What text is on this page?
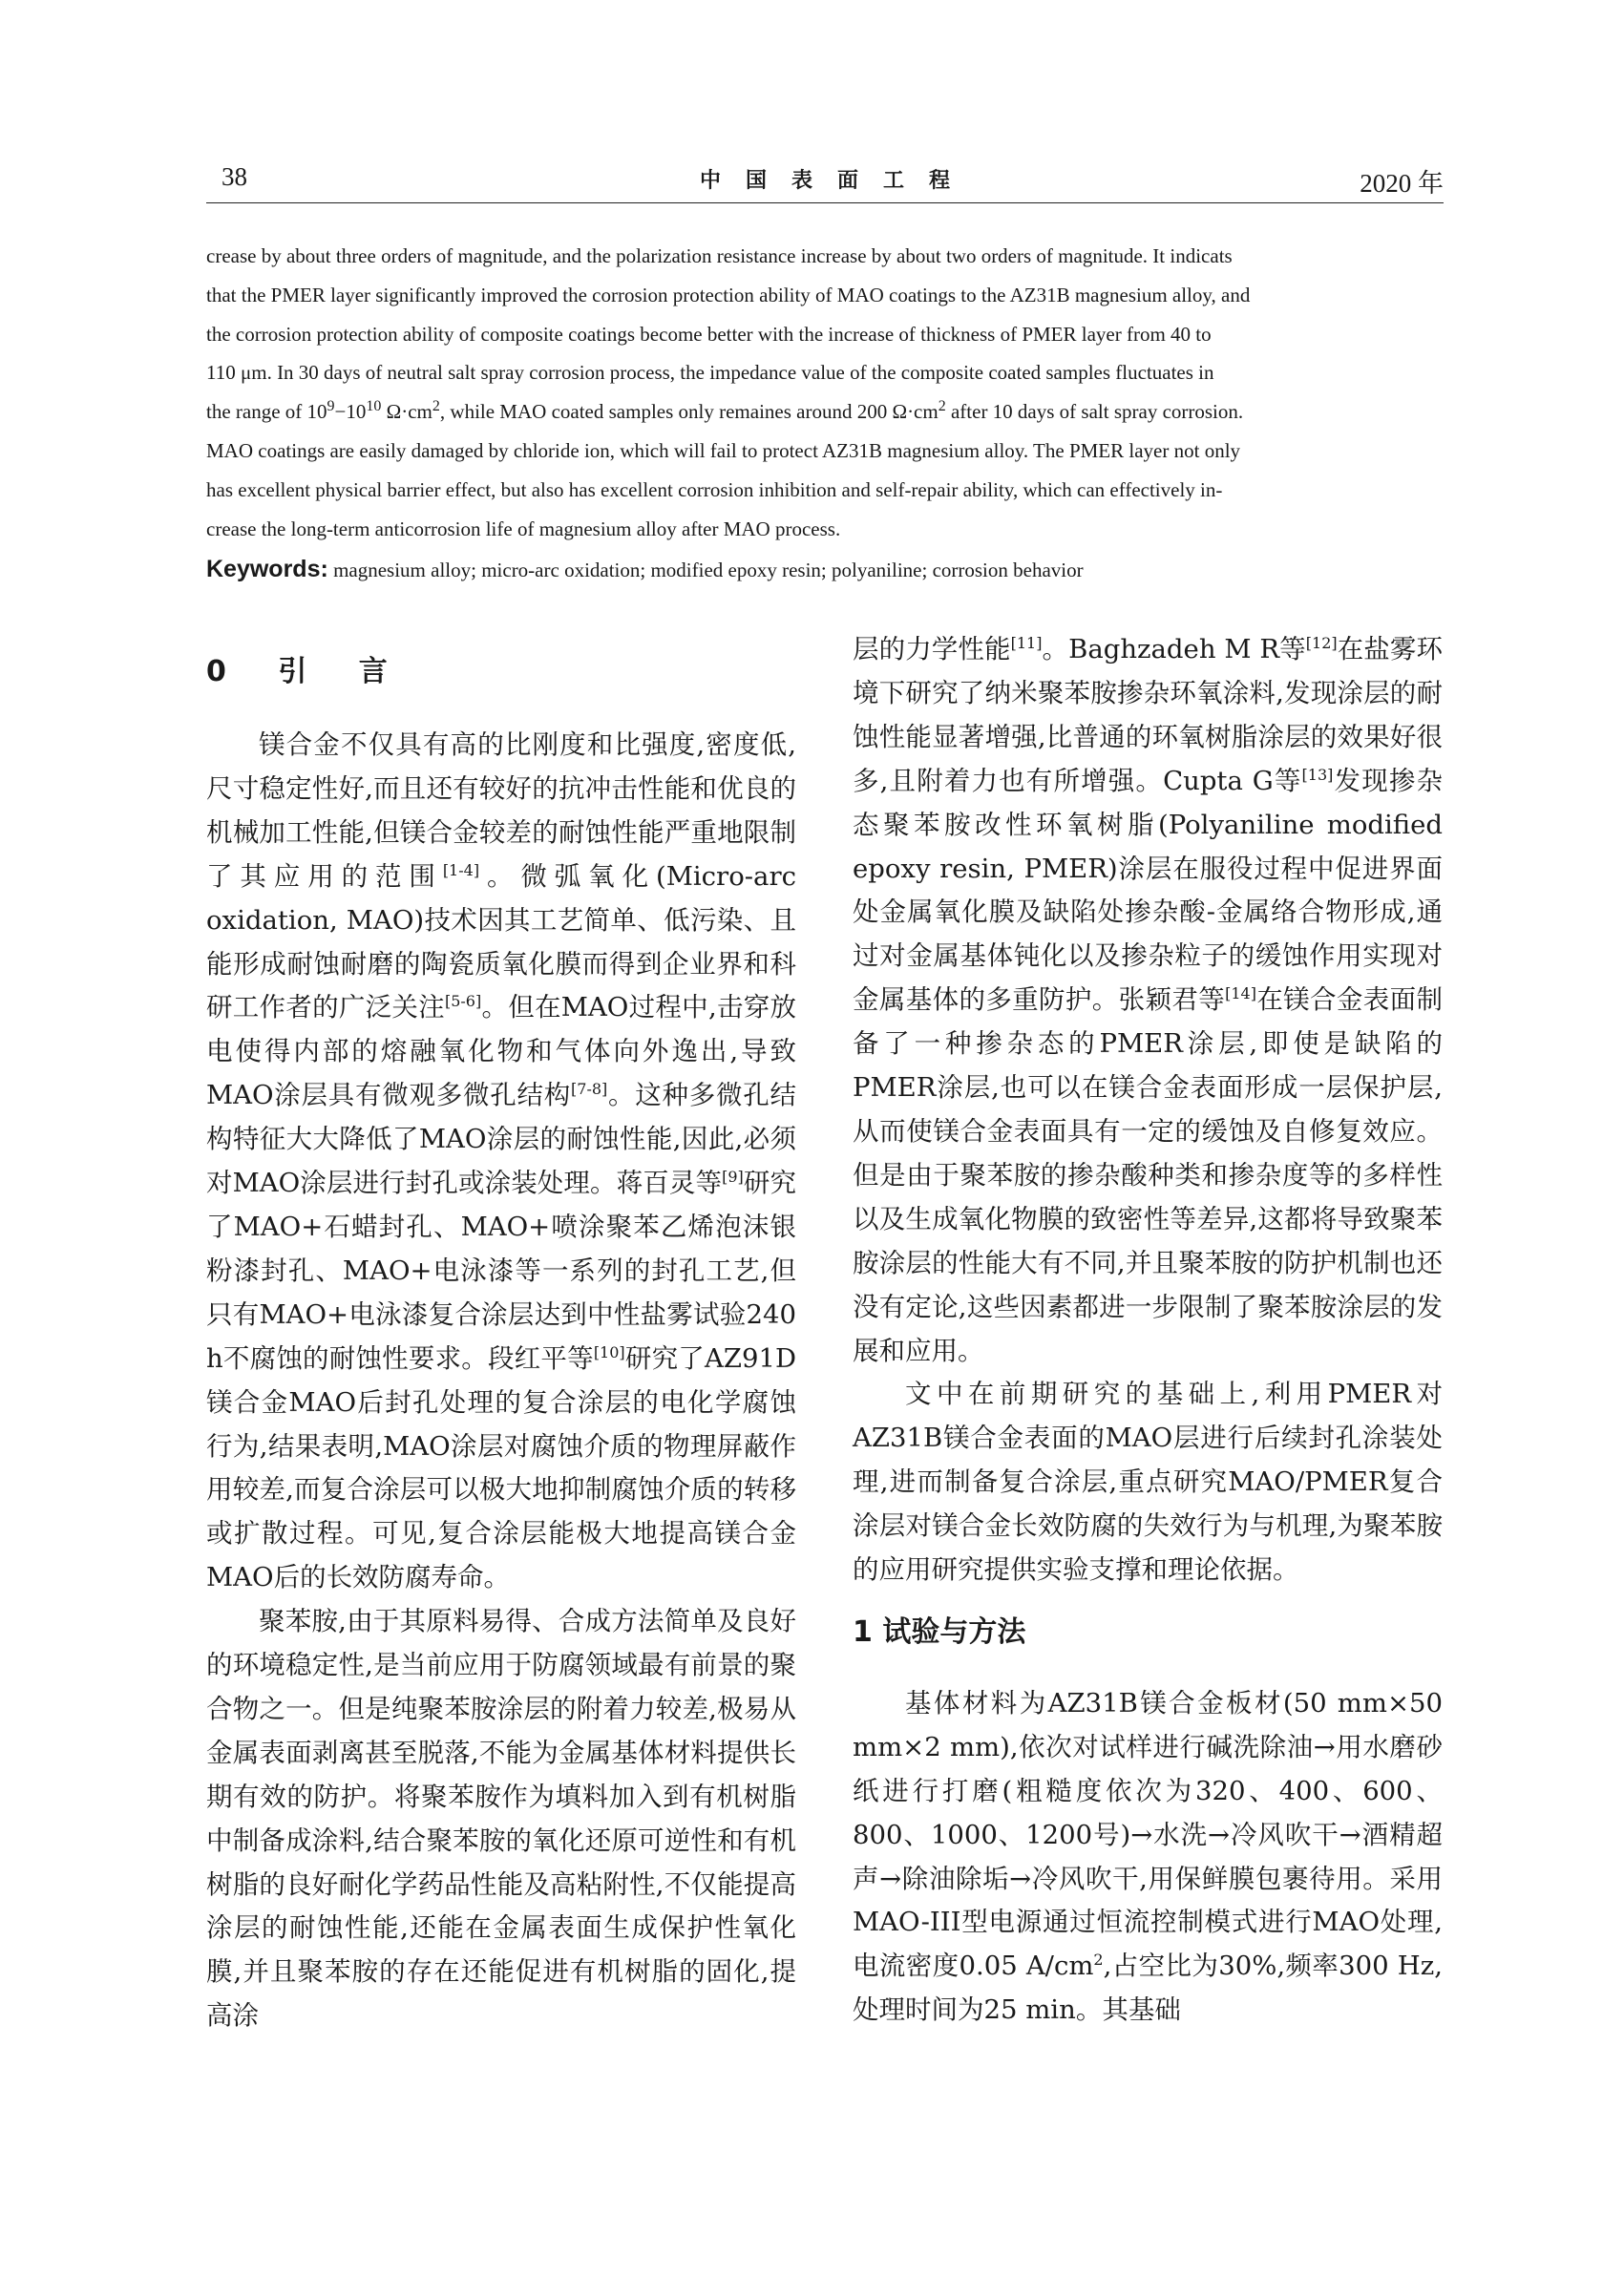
38	中国表面工程	2020 年

crease by about three orders of magnitude, and the polarization resistance increase by about two orders of magnitude. It indicats

that the PMER layer significantly improved the corrosion protection ability of MAO coatings to the AZ31B magnesium alloy, and

the corrosion protection ability of composite coatings become better with the increase of thickness of PMER layer from 40 to

110 μm. In 30 days of neutral salt spray corrosion process, the impedance value of the composite coated samples fluctuates in

the range of $10^9-10^{10}$ $\Omega\cdot cm^2$, while MAO coated samples only remaines around 200 $\Omega\cdot cm^2$ after 10 days of salt spray corrosion.

MAO coatings are easily damaged by chloride ion, which will fail to protect AZ31B magnesium alloy. The PMER layer not only

has excellent physical barrier effect, but also has excellent corrosion inhibition and self-repair ability, which can effectively in-

crease the long-term anticorrosion life of magnesium alloy after MAO process.

Keywords: magnesium alloy; micro-arc oxidation; modified epoxy resin; polyaniline; corrosion behavior
0 引 言

镁合金不仅具有高的比刚度和比强度,密度低,尺寸稳定性好,而且还有较好的抗冲击性能和优良的机械加工性能,但镁合金较差的耐蚀性能严重地限制了其应用的范围[1-4]。微弧氧化(Micro-arc oxidation, MAO)技术因其工艺简单、低污染、且能形成耐蚀耐磨的陶瓷质氧化膜而得到企业界和科研工作者的广泛关注[5-6]。但在MAO过程中,击穿放电使得内部的熔融氧化物和气体向外逸出,导致MAO涂层具有微观多微孔结构[7-8]。这种多微孔结构特征大大降低了MAO涂层的耐蚀性能,因此,必须对MAO涂层进行封孔或涂装处理。蒋百灵等[9]研究了MAO+石蜡封孔、MAO+喷涂聚苯乙烯泡沫银粉漆封孔、MAO+电泳漆等一系列的封孔工艺,但只有MAO+电泳漆复合涂层达到中性盐雾试验240 h不腐蚀的耐蚀性要求。段红平等[10]研究了AZ91D镁合金MAO后封孔处理的复合涂层的电化学腐蚀行为,结果表明,MAO涂层对腐蚀介质的物理屏蔽作用较差,而复合涂层可以极大地抑制腐蚀介质的转移或扩散过程。可见,复合涂层能极大地提高镁合金MAO后的长效防腐寿命。

聚苯胺,由于其原料易得、合成方法简单及良好的环境稳定性,是当前应用于防腐领域最有前景的聚合物之一。但是纯聚苯胺涂层的附着力较差,极易从金属表面剥离甚至脱落,不能为金属基体材料提供长期有效的防护。将聚苯胺作为填料加入到有机树脂中制备成涂料,结合聚苯胺的氧化还原可逆性和有机树脂的良好耐化学药品性能及高粘附性,不仅能提高涂层的耐蚀性能,还能在金属表面生成保护性氧化膜,并且聚苯胺的存在还能促进有机树脂的固化,提高涂

层的力学性能[11]。Baghzadeh M R等[12]在盐雾环境下研究了纳米聚苯胺掺杂环氧涂料,发现涂层的耐蚀性能显著增强,比普通的环氧树脂涂层的效果好很多,且附着力也有所增强。Cupta G等[13]发现掺杂态聚苯胺改性环氧树脂(Polyaniline modified epoxy resin, PMER)涂层在服役过程中促进界面处金属氧化膜及缺陷处掺杂酸-金属络合物形成,通过对金属基体钝化以及掺杂粒子的缓蚀作用实现对金属基体的多重防护。张颖君等[14]在镁合金表面制备了一种掺杂态的PMER涂层,即使是缺陷的PMER涂层,也可以在镁合金表面形成一层保护层,从而使镁合金表面具有一定的缓蚀及自修复效应。但是由于聚苯胺的掺杂酸种类和掺杂度等的多样性以及生成氧化物膜的致密性等差异,这都将导致聚苯胺涂层的性能大有不同,并且聚苯胺的防护机制也还没有定论,这些因素都进一步限制了聚苯胺涂层的发展和应用。

文中在前期研究的基础上,利用PMER对AZ31B镁合金表面的MAO层进行后续封孔涂装处理,进而制备复合涂层,重点研究MAO/PMER复合涂层对镁合金长效防腐的失效行为与机理,为聚苯胺的应用研究提供实验支撑和理论依据。

1 试验与方法

基体材料为AZ31B镁合金板材(50 mm×50 mm×2 mm),依次对试样进行碱洗除油→用水磨砂纸进行打磨(粗糙度依次为320、400、600、800、1000、1200号)→水洗→冷风吹干→酒精超声→除油除垢→冷风吹干,用保鲜膜包裹待用。采用MAO-III型电源通过恒流控制模式进行MAO处理,电流密度0.05 $A/cm^2$,占空比为30%,频率300 Hz,处理时间为25 min。其基础
